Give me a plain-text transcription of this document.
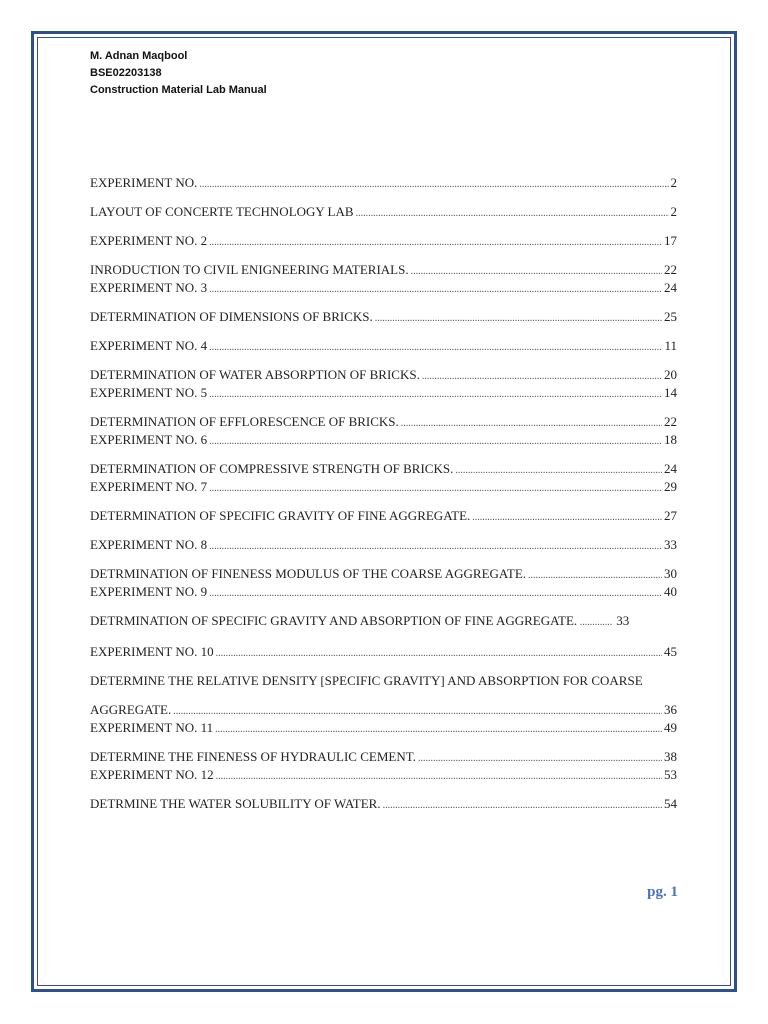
M. Adnan Maqbool
BSE02203138
Construction Material Lab Manual
EXPERIMENT NO. .....	2
LAYOUT OF CONCERTE TECHNOLOGY LAB .....	2
EXPERIMENT NO. 2 .....	17
INRODUCTION TO CIVIL ENIGNEERING MATERIALS. .....	22
EXPERIMENT NO. 3 .....	24
DETERMINATION OF DIMENSIONS OF BRICKS. .....	25
EXPERIMENT NO. 4 .....	11
DETERMINATION OF WATER ABSORPTION OF BRICKS. .....	20
EXPERIMENT NO. 5 .....	14
DETERMINATION OF EFFLORESCENCE OF BRICKS. .....	22
EXPERIMENT NO. 6 .....	18
DETERMINATION OF COMPRESSIVE STRENGTH OF BRICKS. .....	24
EXPERIMENT NO. 7 .....	29
DETERMINATION OF SPECIFIC GRAVITY OF FINE AGGREGATE. .....	27
EXPERIMENT NO. 8 .....	33
DETRMINATION OF FINENESS MODULUS OF THE COARSE AGGREGATE. .....	30
EXPERIMENT NO. 9 .....	40
DETRMINATION OF SPECIFIC GRAVITY AND ABSORPTION OF FINE AGGREGATE. ............. 33
EXPERIMENT NO. 10 .....	45
DETERMINE THE RELATIVE DENSITY [SPECIFIC GRAVITY] AND ABSORPTION FOR COARSE
AGGREGATE. .....	36
EXPERIMENT NO. 11 .....	49
DETERMINE THE FINENESS OF HYDRAULIC CEMENT. .....	38
EXPERIMENT NO. 12 .....	53
DETRMINE THE WATER SOLUBILITY OF WATER. .....	54
pg. 1
